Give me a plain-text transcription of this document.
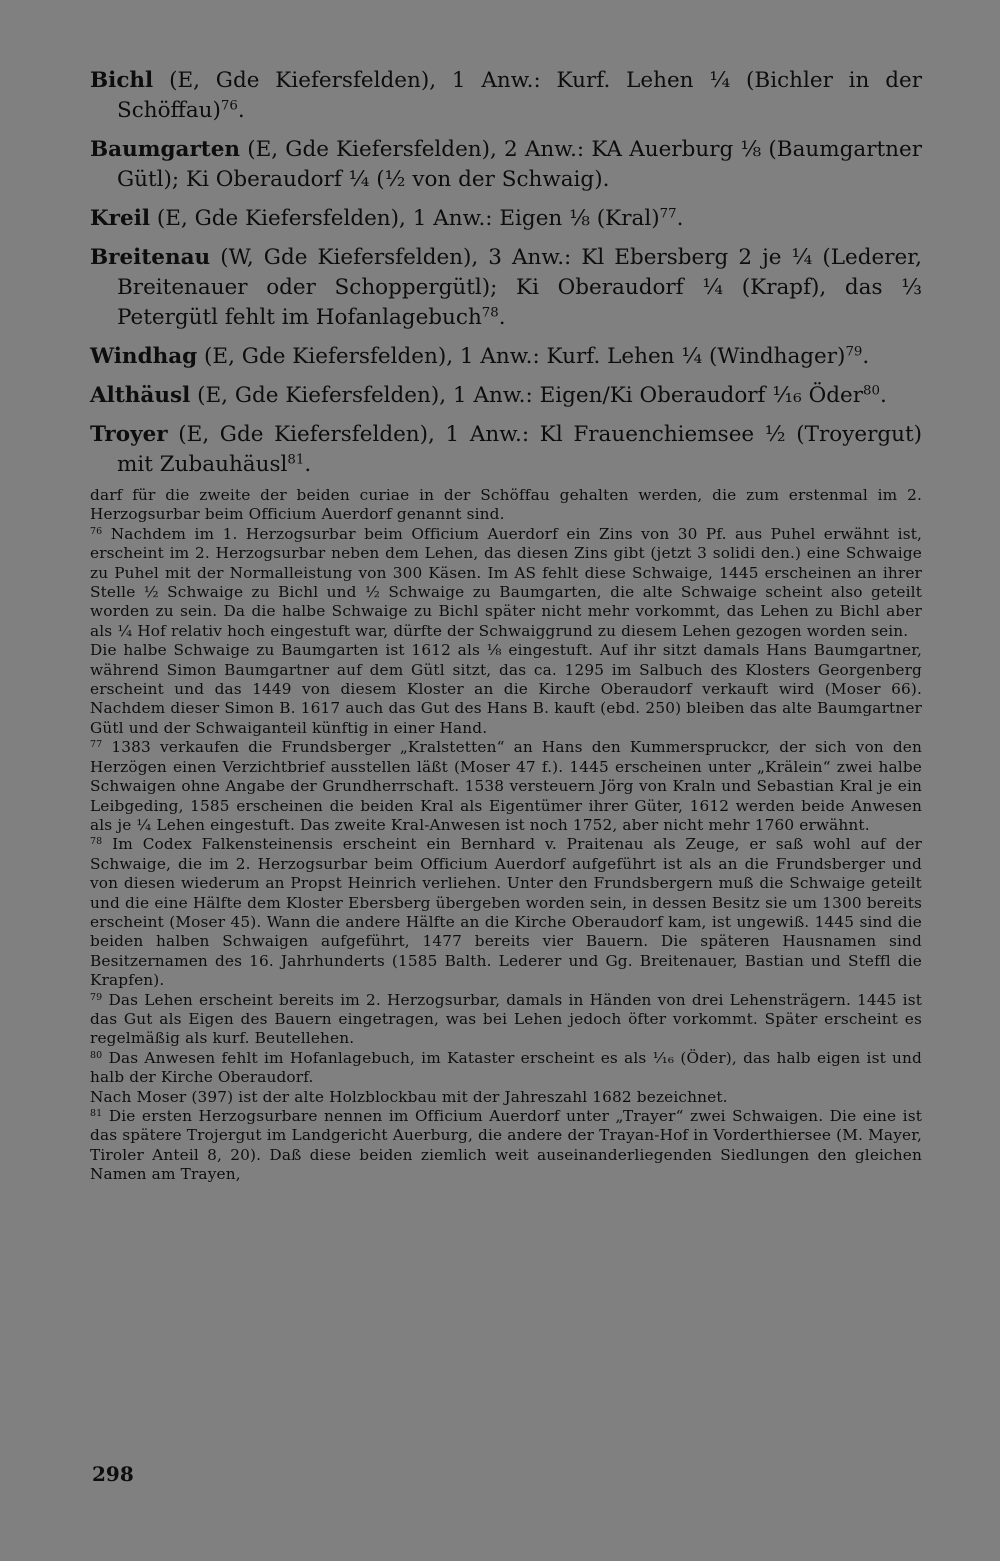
Bichl (E, Gde Kiefersfelden), 1 Anw.: Kurf. Lehen ¼ (Bichler in der Schöffau)$^{76}$.

Baumgarten (E, Gde Kiefersfelden), 2 Anw.: KA Auerburg ⅛ (Baumgartner Gütl); Ki Oberaudorf ¼ (½ von der Schwaig).

Kreil (E, Gde Kiefersfelden), 1 Anw.: Eigen ⅛ (Kral)$^{77}$.

Breitenau (W, Gde Kiefersfelden), 3 Anw.: Kl Ebersberg 2 je ¼ (Lederer, Breitenauer oder Schoppergütl); Ki Oberaudorf ¼ (Krapf), das ⅓ Petergütl fehlt im Hofanlagebuch$^{78}$.

Windhag (E, Gde Kiefersfelden), 1 Anw.: Kurf. Lehen ¼ (Windhager)$^{79}$.

Althäusl (E, Gde Kiefersfelden), 1 Anw.: Eigen/Ki Oberaudorf ¹⁄₁₆ Öder$^{80}$.

Troyer (E, Gde Kiefersfelden), 1 Anw.: Kl Frauenchiemsee ½ (Troyergut) mit Zubauhäusl$^{81}$.

darf für die zweite der beiden curiae in der Schöffau gehalten werden, die zum erstenmal im 2. Herzogsurbar beim Officium Auerdorf genannt sind.

$^{76}$ Nachdem im 1. Herzogsurbar beim Officium Auerdorf ein Zins von 30 Pf. aus Puhel erwähnt ist, erscheint im 2. Herzogsurbar neben dem Lehen, das diesen Zins gibt (jetzt 3 solidi den.) eine Schwaige zu Puhel mit der Normalleistung von 300 Käsen. Im AS fehlt diese Schwaige, 1445 erscheinen an ihrer Stelle ½ Schwaige zu Bichl und ½ Schwaige zu Baumgarten, die alte Schwaige scheint also geteilt worden zu sein. Da die halbe Schwaige zu Bichl später nicht mehr vorkommt, das Lehen zu Bichl aber als ¼ Hof relativ hoch eingestuft war, dürfte der Schwaiggrund zu diesem Lehen gezogen worden sein.

Die halbe Schwaige zu Baumgarten ist 1612 als ⅛ eingestuft. Auf ihr sitzt damals Hans Baumgartner, während Simon Baumgartner auf dem Gütl sitzt, das ca. 1295 im Salbuch des Klosters Georgenberg erscheint und das 1449 von diesem Kloster an die Kirche Oberaudorf verkauft wird (Moser 66). Nachdem dieser Simon B. 1617 auch das Gut des Hans B. kauft (ebd. 250) bleiben das alte Baumgartner Gütl und der Schwaiganteil künftig in einer Hand.

$^{77}$ 1383 verkaufen die Frundsberger „Kralstetten“ an Hans den Kummerspruckcr, der sich von den Herzögen einen Verzichtbrief ausstellen läßt (Moser 47 f.). 1445 erscheinen unter „Krälein“ zwei halbe Schwaigen ohne Angabe der Grundherrschaft. 1538 versteuern Jörg von Kraln und Sebastian Kral je ein Leibgeding, 1585 erscheinen die beiden Kral als Eigentümer ihrer Güter, 1612 werden beide Anwesen als je ¼ Lehen eingestuft. Das zweite Kral-Anwesen ist noch 1752, aber nicht mehr 1760 erwähnt.

$^{78}$ Im Codex Falkensteinensis erscheint ein Bernhard v. Praitenau als Zeuge, er saß wohl auf der Schwaige, die im 2. Herzogsurbar beim Officium Auerdorf aufgeführt ist als an die Frundsberger und von diesen wiederum an Propst Heinrich verliehen. Unter den Frundsbergern muß die Schwaige geteilt und die eine Hälfte dem Kloster Ebersberg übergeben worden sein, in dessen Besitz sie um 1300 bereits erscheint (Moser 45). Wann die andere Hälfte an die Kirche Oberaudorf kam, ist ungewiß. 1445 sind die beiden halben Schwaigen aufgeführt, 1477 bereits vier Bauern. Die späteren Hausnamen sind Besitzernamen des 16. Jahrhunderts (1585 Balth. Lederer und Gg. Breitenauer, Bastian und Steffl die Krapfen).

$^{79}$ Das Lehen erscheint bereits im 2. Herzogsurbar, damals in Händen von drei Lehensträgern. 1445 ist das Gut als Eigen des Bauern eingetragen, was bei Lehen jedoch öfter vorkommt. Später erscheint es regelmäßig als kurf. Beutellehen.

$^{80}$ Das Anwesen fehlt im Hofanlagebuch, im Kataster erscheint es als ¹⁄₁₆ (Öder), das halb eigen ist und halb der Kirche Oberaudorf.

Nach Moser (397) ist der alte Holzblockbau mit der Jahreszahl 1682 bezeichnet.

$^{81}$ Die ersten Herzogsurbare nennen im Officium Auerdorf unter „Trayer“ zwei Schwaigen. Die eine ist das spätere Trojergut im Landgericht Auerburg, die andere der Trayan-Hof in Vorderthiersee (M. Mayer, Tiroler Anteil 8, 20). Daß diese beiden ziemlich weit auseinanderliegenden Siedlungen den gleichen Namen am Trayen,

298
